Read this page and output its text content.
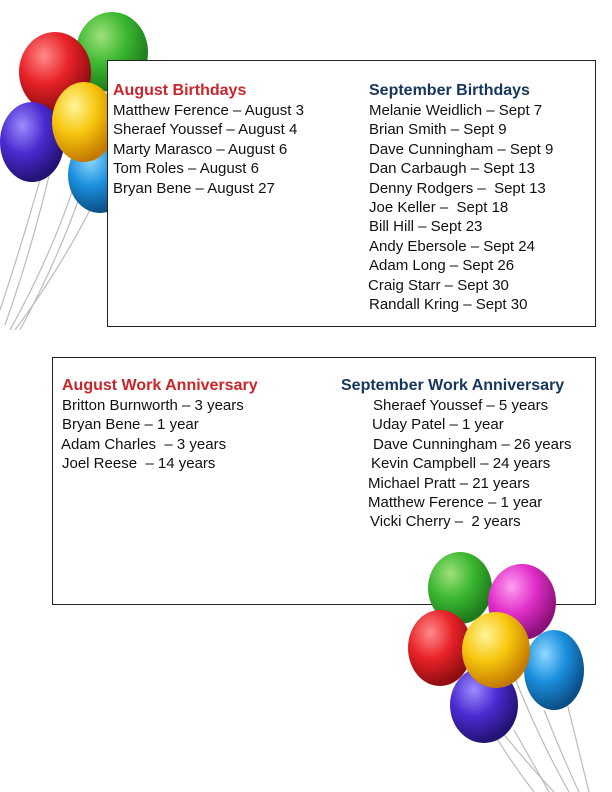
August Birthdays
Matthew Ference – August 3
Sheraef Youssef – August 4
Marty Marasco – August 6
Tom Roles – August 6
Bryan Bene – August 27
September Birthdays
Melanie Weidlich – Sept 7
Brian Smith – Sept 9
Dave Cunningham – Sept 9
Dan Carbaugh – Sept 13
Denny Rodgers –  Sept 13
Joe Keller –  Sept 18
Bill Hill – Sept 23
Andy Ebersole – Sept 24
Adam Long – Sept 26
Craig Starr – Sept 30
Randall Kring – Sept 30
August Work Anniversary
Britton Burnworth – 3 years
Bryan Bene – 1 year
Adam Charles  – 3 years
Joel Reese  – 14 years
September Work Anniversary
Sheraef Youssef – 5 years
Uday Patel – 1 year
Dave Cunningham – 26 years
Kevin Campbell – 24 years
Michael Pratt – 21 years
Matthew Ference – 1 year
Vicki Cherry –  2 years
